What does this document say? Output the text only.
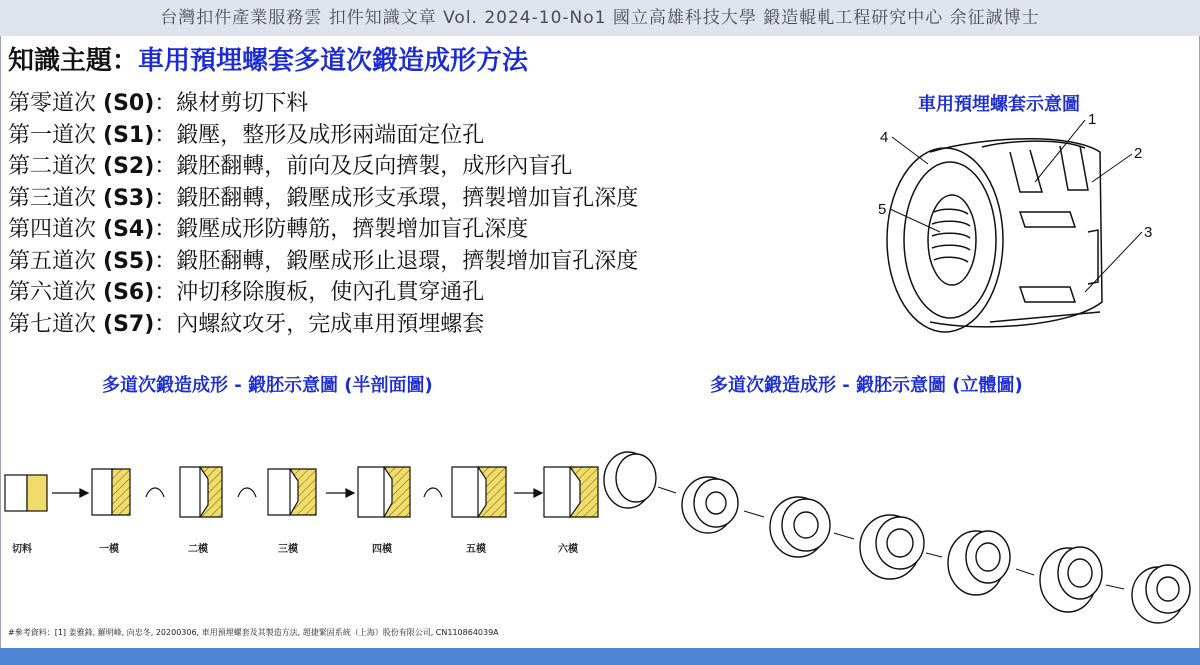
台灣扣件產業服務雲 扣件知識文章 Vol. 2024-10-No1 國立高雄科技大學 鍛造輥軋工程研究中心 余征誠博士
知識主題：車用預埋螺套多道次鍛造成形方法
第零道次 (S0)：線材剪切下料
第一道次 (S1)：鍛壓，整形及成形兩端面定位孔
第二道次 (S2)：鍛胚翻轉，前向及反向擠製，成形內盲孔
第三道次 (S3)：鍛胚翻轉，鍛壓成形支承環，擠製增加盲孔深度
第四道次 (S4)：鍛壓成形防轉筋，擠製增加盲孔深度
第五道次 (S5)：鍛胚翻轉，鍛壓成形止退環，擠製增加盲孔深度
第六道次 (S6)：沖切移除腹板，使內孔貫穿通孔
第七道次 (S7)：內螺紋攻牙，完成車用預埋螺套
車用預埋螺套示意圖
1
2
3
4
5
多道次鍛造成形 - 鍛胚示意圖 (半剖面圖)	多道次鍛造成形 - 鍛胚示意圖 (立體圖)
切料	一模	二模	三模	四模	五模	六模
#參考資料：[1] 姜雅鋒, 羅明峰, 向忠冬, 20200306, 車用預埋螺套及其製造方法, 超捷緊固系統（上海）股份有限公司, CN110864039A
